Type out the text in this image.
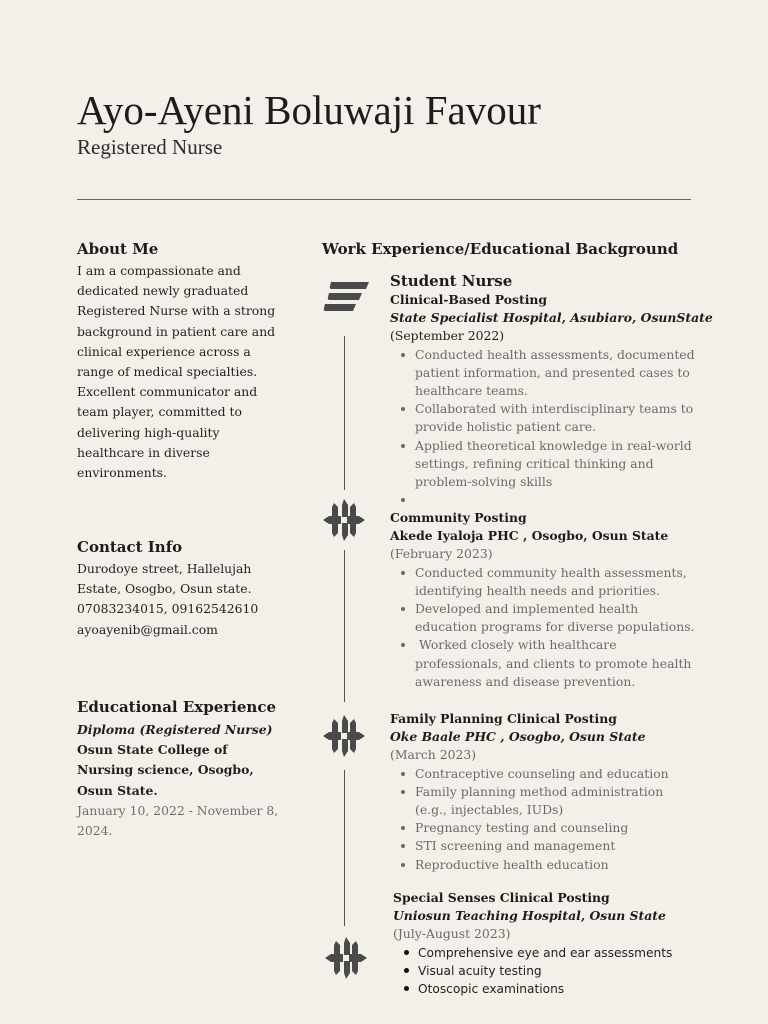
Ayo-Ayeni Boluwaji Favour
Registered Nurse
About Me
I am a compassionate and
dedicated newly graduated
Registered Nurse with a strong
background in patient care and
clinical experience across a
range of medical specialties.
Excellent communicator and
team player, committed to
delivering high-quality
healthcare in diverse
environments.
Contact Info
Durodoye street, Hallelujah
Estate, Osogbo, Osun state.
07083234015, 09162542610
ayoayenib@gmail.com
Educational Experience
Diploma (Registered Nurse)
Osun State College of
Nursing science, Osogbo,
Osun State.
January 10, 2022 - November 8,
2024.
Work Experience/Educational Background
Student Nurse
Clinical-Based Posting
State Specialist Hospital, Asubiaro, OsunState
(September 2022)
Conducted health assessments, documented
patient information, and presented cases to
healthcare teams.
Collaborated with interdisciplinary teams to
provide holistic patient care.
Applied theoretical knowledge in real-world
settings, refining critical thinking and
problem-solving skills
Community Posting
Akede Iyaloja PHC , Osogbo, Osun State
(February 2023)
Conducted community health assessments,
identifying health needs and priorities.
Developed and implemented health
education programs for diverse populations.
Worked closely with healthcare
professionals, and clients to promote health
awareness and disease prevention.
Family Planning Clinical Posting
Oke Baale PHC , Osogbo, Osun State
(March 2023)
Contraceptive counseling and education
Family planning method administration
(e.g., injectables, IUDs)
Pregnancy testing and counseling
STI screening and management
Reproductive health education
Special Senses Clinical Posting
Uniosun Teaching Hospital, Osun State
(July-August 2023)
Comprehensive eye and ear assessments
Visual acuity testing
Otoscopic examinations
